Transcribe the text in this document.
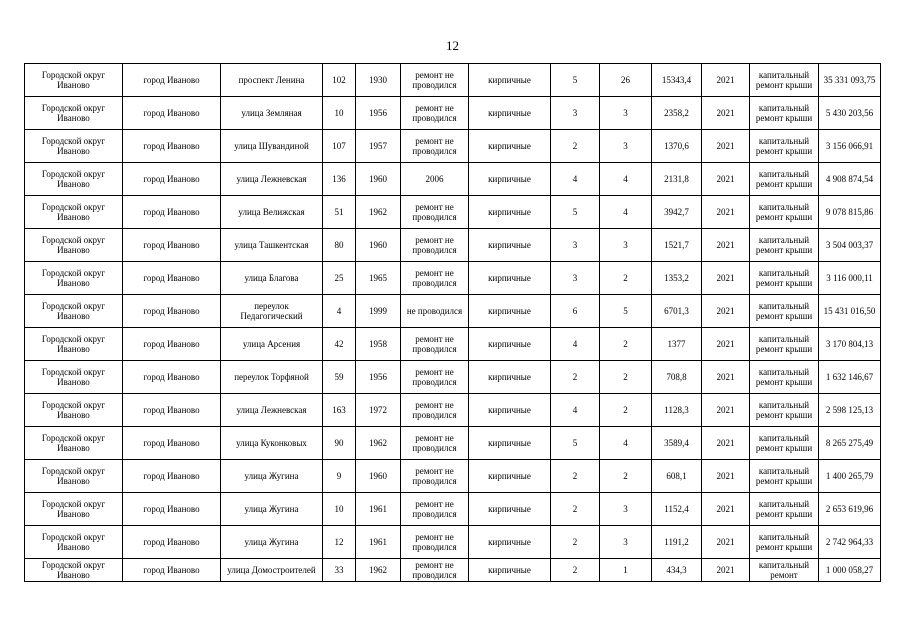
12
Городской округ Иваново	город Иваново	проспект Ленина	102	1930	ремонт не проводился	кирпичные	5	26	15343,4	2021	капитальный ремонт крыши	35 331 093,75
Городской округ Иваново	город Иваново	улица Земляная	10	1956	ремонт не проводился	кирпичные	3	3	2358,2	2021	капитальный ремонт крыши	5 430 203,56
Городской округ Иваново	город Иваново	улица Шувандиной	107	1957	ремонт не проводился	кирпичные	2	3	1370,6	2021	капитальный ремонт крыши	3 156 066,91
Городской округ Иваново	город Иваново	улица Лежневская	136	1960	2006	кирпичные	4	4	2131,8	2021	капитальный ремонт крыши	4 908 874,54
Городской округ Иваново	город Иваново	улица Велижская	51	1962	ремонт не проводился	кирпичные	5	4	3942,7	2021	капитальный ремонт крыши	9 078 815,86
Городской округ Иваново	город Иваново	улица Ташкентская	80	1960	ремонт не проводился	кирпичные	3	3	1521,7	2021	капитальный ремонт крыши	3 504 003,37
Городской округ Иваново	город Иваново	улица Благова	25	1965	ремонт не проводился	кирпичные	3	2	1353,2	2021	капитальный ремонт крыши	3 116 000,11
Городской округ Иваново	город Иваново	переулок Педагогический	4	1999	не проводился	кирпичные	6	5	6701,3	2021	капитальный ремонт крыши	15 431 016,50
Городской округ Иваново	город Иваново	улица Арсения	42	1958	ремонт не проводился	кирпичные	4	2	1377	2021	капитальный ремонт крыши	3 170 804,13
Городской округ Иваново	город Иваново	переулок Торфяной	59	1956	ремонт не проводился	кирпичные	2	2	708,8	2021	капитальный ремонт крыши	1 632 146,67
Городской округ Иваново	город Иваново	улица Лежневская	163	1972	ремонт не проводился	кирпичные	4	2	1128,3	2021	капитальный ремонт крыши	2 598 125,13
Городской округ Иваново	город Иваново	улица Куконковых	90	1962	ремонт не проводился	кирпичные	5	4	3589,4	2021	капитальный ремонт крыши	8 265 275,49
Городской округ Иваново	город Иваново	улица Жугина	9	1960	ремонт не проводился	кирпичные	2	2	608,1	2021	капитальный ремонт крыши	1 400 265,79
Городской округ Иваново	город Иваново	улица Жугина	10	1961	ремонт не проводился	кирпичные	2	3	1152,4	2021	капитальный ремонт крыши	2 653 619,96
Городской округ Иваново	город Иваново	улица Жугина	12	1961	ремонт не проводился	кирпичные	2	3	1191,2	2021	капитальный ремонт крыши	2 742 964,33
Городской округ Иваново	город Иваново	улица Домостроителей	33	1962	ремонт не проводился	кирпичные	2	1	434,3	2021	капитальный ремонт	1 000 058,27
